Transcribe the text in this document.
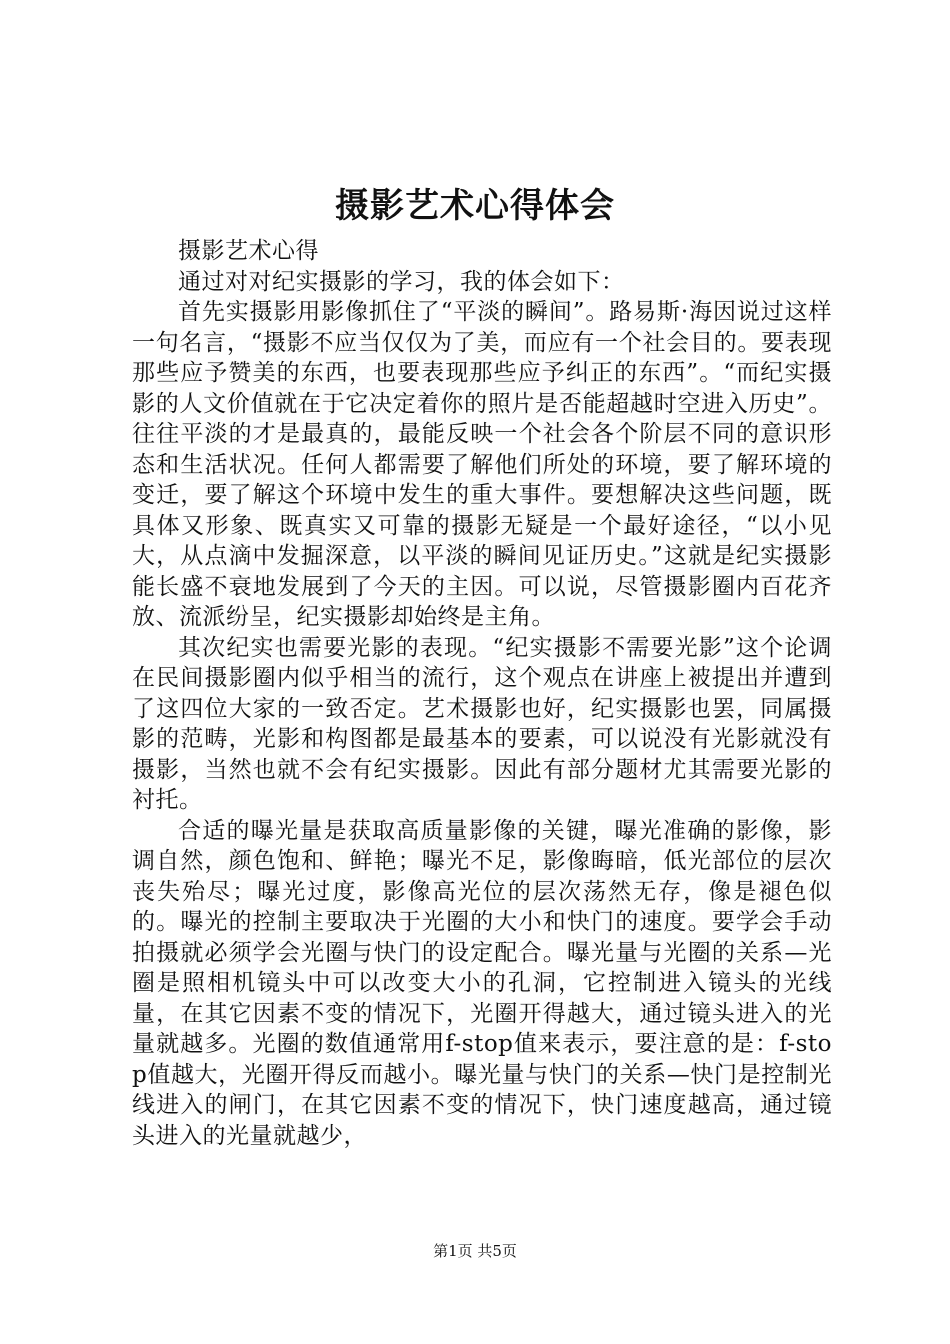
摄影艺术心得体会

摄影艺术心得

通过对对纪实摄影的学习，我的体会如下：

首先实摄影用影像抓住了“平淡的瞬间”。路易斯·海因说过这样一句名言，“摄影不应当仅仅为了美，而应有一个社会目的。要表现那些应予赞美的东西，也要表现那些应予纠正的东西”。“而纪实摄影的人文价值就在于它决定着你的照片是否能超越时空进入历史”。往往平淡的才是最真的，最能反映一个社会各个阶层不同的意识形态和生活状况。任何人都需要了解他们所处的环境，要了解环境的变迁，要了解这个环境中发生的重大事件。要想解决这些问题，既具体又形象、既真实又可靠的摄影无疑是一个最好途径，“以小见大，从点滴中发掘深意，以平淡的瞬间见证历史。”这就是纪实摄影能长盛不衰地发展到了今天的主因。可以说，尽管摄影圈内百花齐放、流派纷呈，纪实摄影却始终是主角。

其次纪实也需要光影的表现。“纪实摄影不需要光影”这个论调在民间摄影圈内似乎相当的流行，这个观点在讲座上被提出并遭到了这四位大家的一致否定。艺术摄影也好，纪实摄影也罢，同属摄影的范畴，光影和构图都是最基本的要素，可以说没有光影就没有摄影，当然也就不会有纪实摄影。因此有部分题材尤其需要光影的衬托。

合适的曝光量是获取高质量影像的关键，曝光准确的影像，影调自然，颜色饱和、鲜艳；曝光不足，影像晦暗，低光部位的层次丧失殆尽；曝光过度，影像高光位的层次荡然无存，像是褪色似的。曝光的控制主要取决于光圈的大小和快门的速度。要学会手动拍摄就必须学会光圈与快门的设定配合。曝光量与光圈的关系—光圈是照相机镜头中可以改变大小的孔洞，它控制进入镜头的光线量，在其它因素不变的情况下，光圈开得越大，通过镜头进入的光量就越多。光圈的数值通常用f-stop值来表示，要注意的是：f-stop值越大，光圈开得反而越小。曝光量与快门的关系—快门是控制光线进入的闸门，在其它因素不变的情况下，快门速度越高，通过镜头进入的光量就越少，

第1页 共5页
